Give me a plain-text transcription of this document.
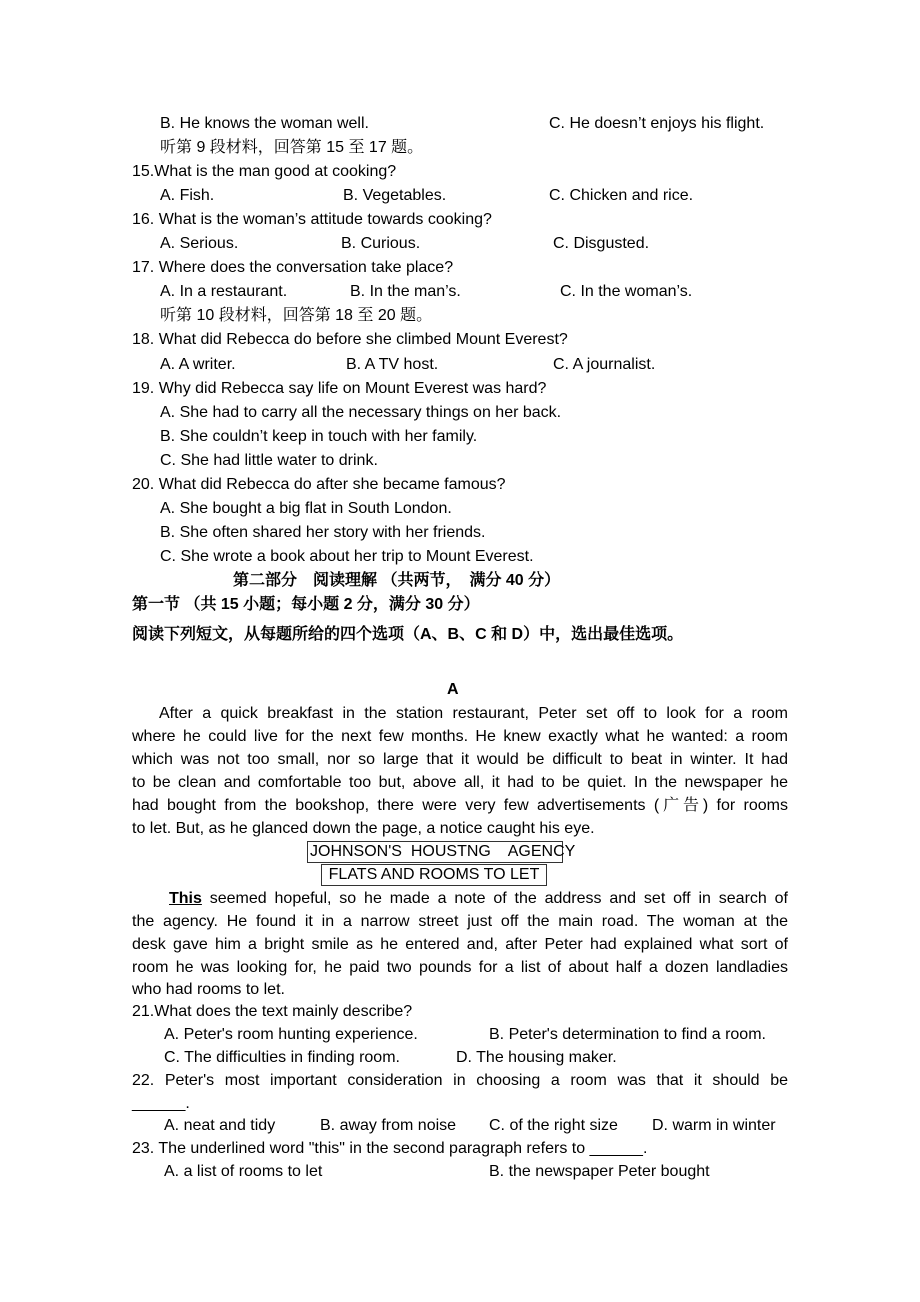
B. He knows the woman well.	C. He doesn’t enjoys his flight.
听第 9 段材料，回答第 15 至 17 题。
15.What is the man good at cooking?
A. Fish.	B. Vegetables.	C. Chicken and rice.
16. What is the woman’s attitude towards cooking?
A. Serious.	B. Curious.	C. Disgusted.
17. Where does the conversation take place?
A. In a restaurant.	B. In the man’s.	C. In the woman’s.
听第 10 段材料，回答第 18 至 20 题。
18. What did Rebecca do before she climbed Mount Everest?
A. A writer.	B. A TV host.	C. A journalist.
19. Why did Rebecca say life on Mount Everest was hard?
A. She had to carry all the necessary things on her back.
B. She couldn’t keep in touch with her family.
C. She had little water to drink.
20. What did Rebecca do after she became famous?
A. She bought a big flat in South London.
B. She often shared her story with her friends.
C. She wrote a book about her trip to Mount Everest.
第二部分　阅读理解 （共两节，　满分 40 分）
第一节 （共 15 小题；每小题 2 分，满分 30 分）
阅读下列短文，从每题所给的四个选项（A、B、C 和 D）中，选出最佳选项。
A
After a quick breakfast in the station restaurant, Peter set off to look for a room
where he could live for the next few months. He knew exactly what he wanted: a room
which was not too small, nor so large that it would be difficult to beat in winter. It had
to be clean and comfortable too but, above all, it had to be quiet. In the newspaper he
had bought from the bookshop, there were very few advertisements (广告) for rooms
to let. But, as he glanced down the page, a notice caught his eye.
JOHNSON'S  HOUSTNG    AGENCY
FLATS AND ROOMS TO LET
This seemed hopeful, so he made a note of the address and set off in search of
the agency. He found it in a narrow street just off the main road. The woman at the
desk gave him a bright smile as he entered and, after Peter had explained what sort of
room he was looking for, he paid two pounds for a list of about half a dozen landladies
who had rooms to let.
21.What does the text mainly describe?
A. Peter's room hunting experience.	B. Peter's determination to find a room.
C. The difficulties in finding room.	D. The housing maker.
22. Peter's most important consideration in choosing a room was that it should be
______.
A. neat and tidy	B. away from noise C. of the right size D. warm in winter
23. The underlined word "this" in the second paragraph refers to ______.
A. a list of rooms to let	B. the newspaper Peter bought
